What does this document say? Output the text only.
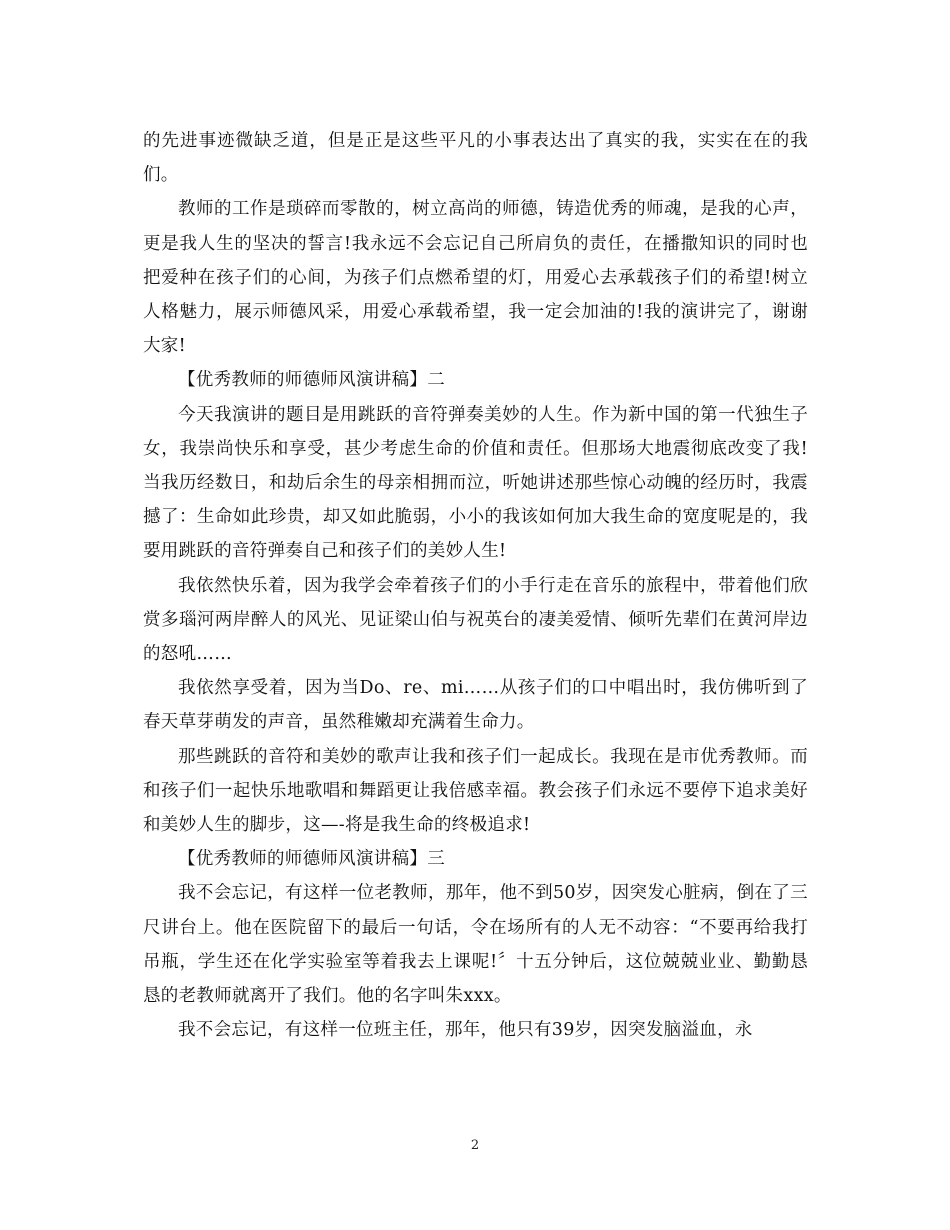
的先进事迹微缺乏道，但是正是这些平凡的小事表达出了真实的我，实实在在的我们。

教师的工作是琐碎而零散的，树立高尚的师德，铸造优秀的师魂，是我的心声，更是我人生的坚决的誓言!我永远不会忘记自己所肩负的责任，在播撒知识的同时也把爱种在孩子们的心间，为孩子们点燃希望的灯，用爱心去承载孩子们的希望!树立人格魅力，展示师德风采，用爱心承载希望，我一定会加油的!我的演讲完了，谢谢大家!

【优秀教师的师德师风演讲稿】二

今天我演讲的题目是用跳跃的音符弹奏美妙的人生。作为新中国的第一代独生子女，我崇尚快乐和享受，甚少考虑生命的价值和责任。但那场大地震彻底改变了我!当我历经数日，和劫后余生的母亲相拥而泣，听她讲述那些惊心动魄的经历时，我震撼了：生命如此珍贵，却又如此脆弱，小小的我该如何加大我生命的宽度呢是的，我要用跳跃的音符弹奏自己和孩子们的美妙人生!

我依然快乐着，因为我学会牵着孩子们的小手行走在音乐的旅程中，带着他们欣赏多瑙河两岸醉人的风光、见证梁山伯与祝英台的凄美爱情、倾听先辈们在黄河岸边的怒吼……

我依然享受着，因为当Do、re、mi……从孩子们的口中唱出时，我仿佛听到了春天草芽萌发的声音，虽然稚嫩却充满着生命力。

那些跳跃的音符和美妙的歌声让我和孩子们一起成长。我现在是市优秀教师。而和孩子们一起快乐地歌唱和舞蹈更让我倍感幸福。教会孩子们永远不要停下追求美好和美妙人生的脚步，这—-将是我生命的终极追求!

【优秀教师的师德师风演讲稿】三

我不会忘记，有这样一位老教师，那年，他不到50岁，因突发心脏病，倒在了三尺讲台上。他在医院留下的最后一句话，令在场所有的人无不动容：“不要再给我打吊瓶，学生还在化学实验室等着我去上课呢!〞十五分钟后，这位兢兢业业、勤勤恳恳的老教师就离开了我们。他的名字叫朱xxx。

我不会忘记，有这样一位班主任，那年，他只有39岁，因突发脑溢血，永

2
